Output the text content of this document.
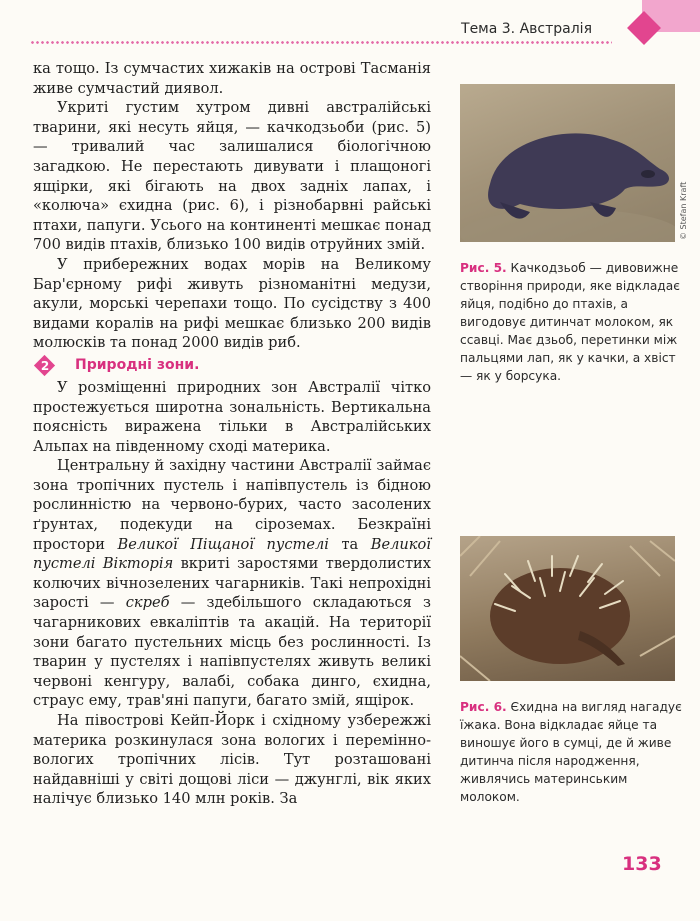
Тема 3. Австралія

ка тощо. Із сумчастих хижаків на острові Тасманія живе сумчастий диявол.

Укриті густим хутром дивні австралійські тварини, які несуть яйця, — качкодзьоби (рис. 5) — тривалий час залишалися біологічною загадкою. Не перестають дивувати і плащоногі ящірки, які бігають на двох задніх лапах, і «колюча» єхидна (рис. 6), і різнобарвні райські птахи, папуги. Усього на континенті мешкає понад 700 видів птахів, близько 100 видів отруйних змій.

У прибережних водах морів на Великому Бар'єрному рифі живуть різноманітні медузи, акули, морські черепахи тощо. По сусідству з 400 видами коралів на рифі мешкає близько 200 видів молюсків та понад 2000 видів риб.

2	Природні зони.

У розміщенні природних зон Австралії чітко простежується широтна зональність. Вертикальна поясність виражена тільки в Австралійських Альпах на південному сході материка.

Центральну й західну частини Австралії займає зона тропічних пустель і напівпустель із бідною рослинністю на червоно-бурих, часто засолених ґрунтах, подекуди на сіроземах. Безкраїні простори Великої Піщаної пустелі та Великої пустелі Вікторія вкриті заростями твердолистих колючих вічнозелених чагарників. Такі непрохідні зарості — скреб — здебільшого складаються з чагарникових евкаліптів та акацій. На території зони багато пустельних місць без рослинності. Із тварин у пустелях і напівпустелях живуть великі червоні кенгуру, валабі, собака динго, єхидна, страус ему, трав'яні папуги, багато змій, ящірок.

На півострові Кейп-Йорк і східному узбережжі материка розкинулася зона вологих і перемінно-вологих тропічних лісів. Тут розташовані найдавніші у світі дощові ліси — джунглі, вік яких налічує близько 140 млн років. За

© Stefan Kraft
Рис. 5. Качкодзьоб — дивовижне створіння природи, яке відкладає яйця, подібно до птахів, а вигодовує дитинчат молоком, як ссавці. Має дзьоб, перетинки між пальцями лап, як у качки, а хвіст — як у борсука.
Рис. 6. Єхидна на вигляд нагадує їжака. Вона відкладає яйце та виношує його в сумці, де й живе дитинча після народження, живлячись материнським молоком.
133
